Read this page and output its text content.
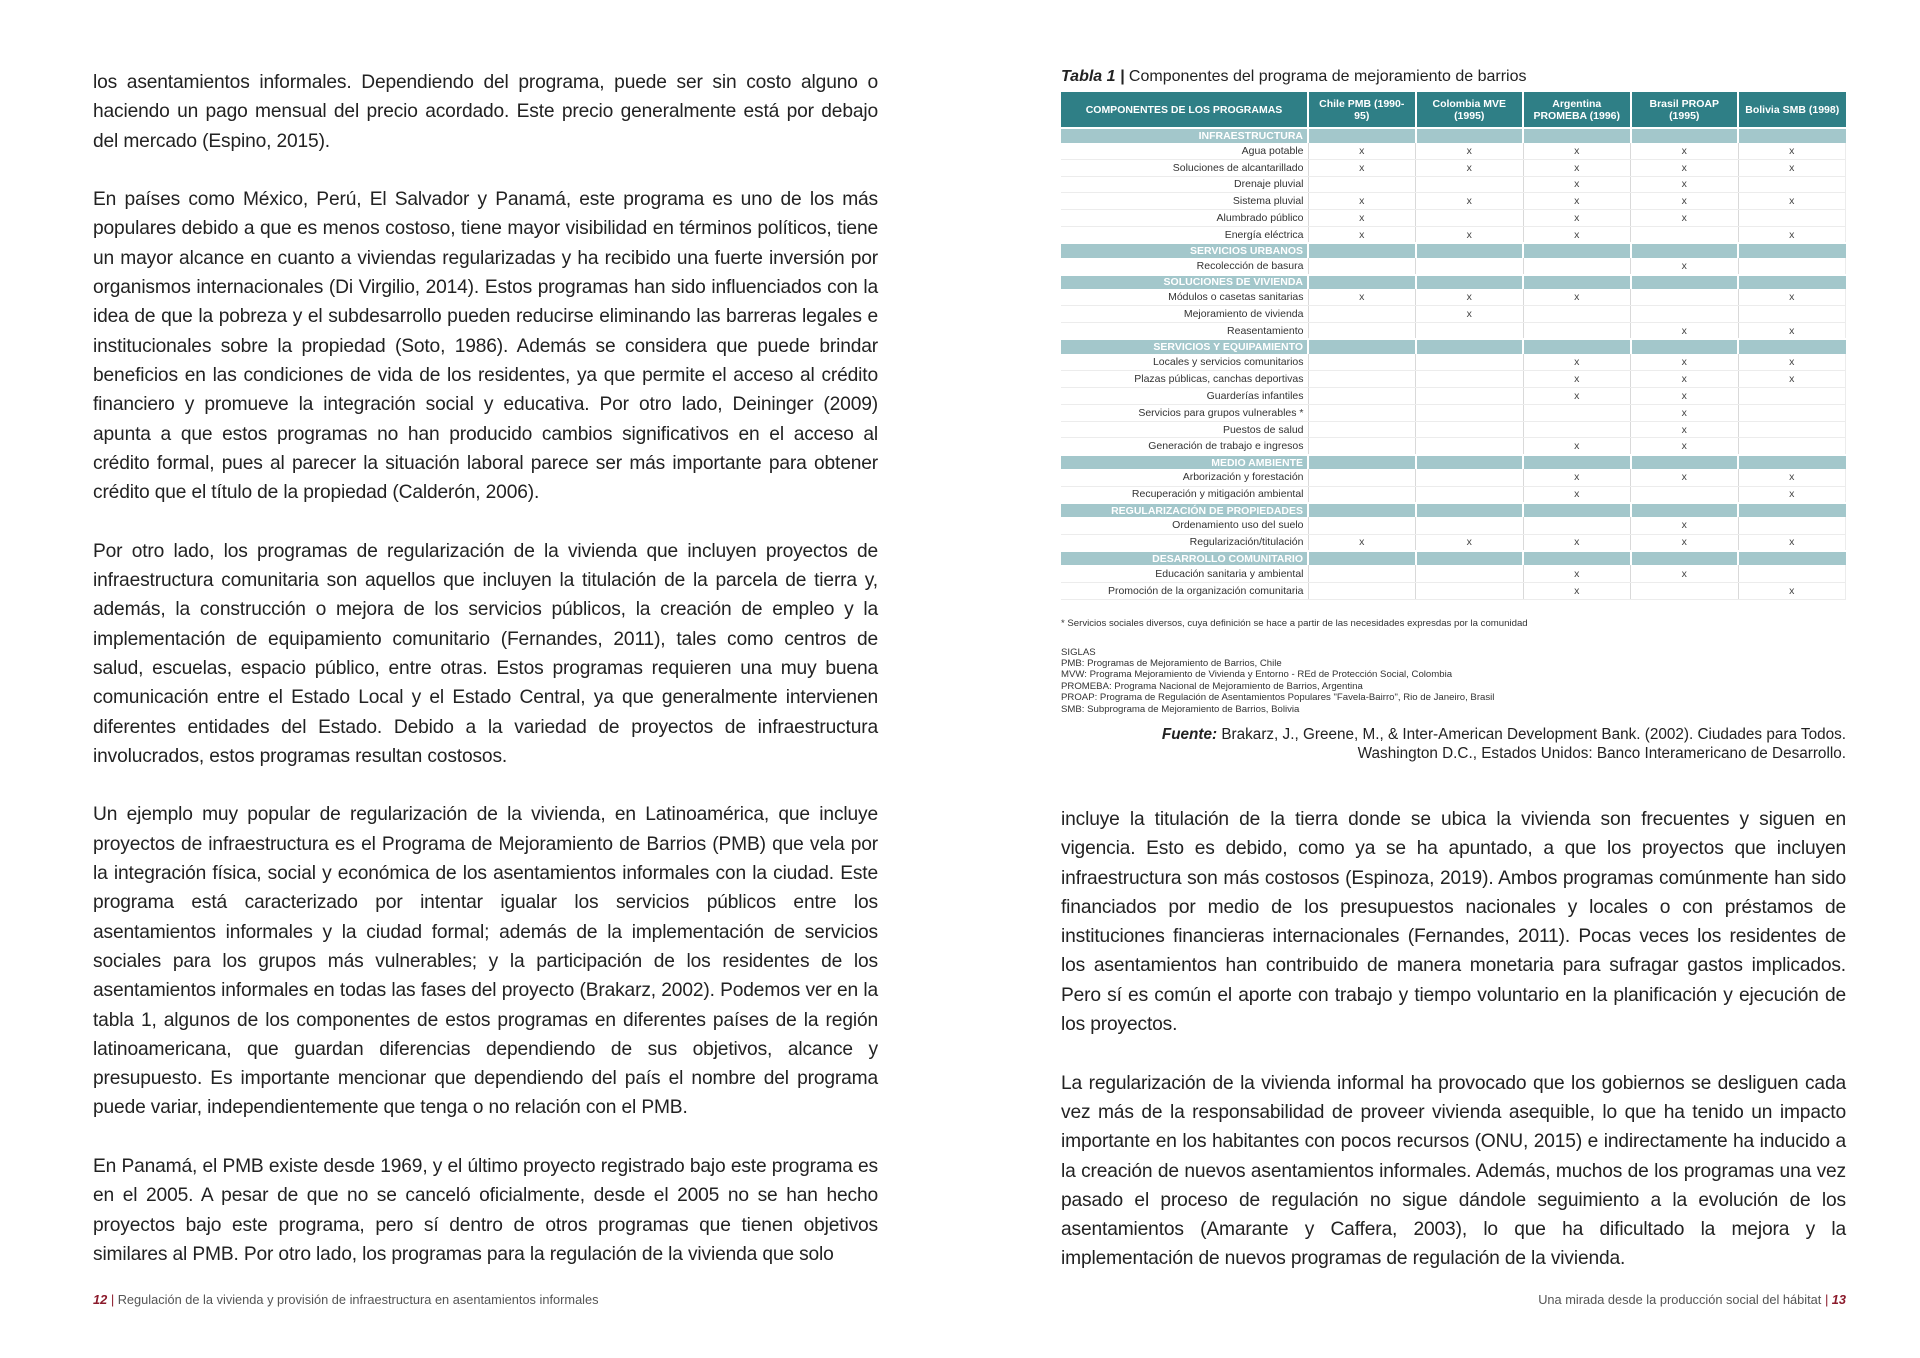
los asentamientos informales. Dependiendo del programa, puede ser sin costo alguno o haciendo un pago mensual del precio acordado. Este precio generalmente está por debajo del mercado (Espino, 2015).

En países como México, Perú, El Salvador y Panamá, este programa es uno de los más populares debido a que es menos costoso, tiene mayor visibilidad en términos políticos, tiene un mayor alcance en cuanto a viviendas regularizadas y ha recibido una fuerte inversión por organismos internacionales (Di Virgilio, 2014). Estos programas han sido influenciados con la idea de que la pobreza y el subdesarrollo pueden reducirse eliminando las barreras legales e institucionales sobre la propiedad (Soto, 1986). Además se considera que puede brindar beneficios en las condiciones de vida de los residentes, ya que permite el acceso al crédito financiero y promueve la integración social y educativa. Por otro lado, Deininger (2009) apunta a que estos programas no han producido cambios significativos en el acceso al crédito formal, pues al parecer la situación laboral parece ser más importante para obtener crédito que el título de la propiedad (Calderón, 2006).

Por otro lado, los programas de regularización de la vivienda que incluyen proyectos de infraestructura comunitaria son aquellos que incluyen la titulación de la parcela de tierra y, además, la construcción o mejora de los servicios públicos, la creación de empleo y la implementación de equipamiento comunitario (Fernandes, 2011), tales como centros de salud, escuelas, espacio público, entre otras. Estos programas requieren una muy buena comunicación entre el Estado Local y el Estado Central, ya que generalmente intervienen diferentes entidades del Estado. Debido a la variedad de proyectos de infraestructura involucrados, estos programas resultan costosos.

Un ejemplo muy popular de regularización de la vivienda, en Latinoamérica, que incluye proyectos de infraestructura es el Programa de Mejoramiento de Barrios (PMB) que vela por la integración física, social y económica de los asentamientos informales con la ciudad. Este programa está caracterizado por intentar igualar los servicios públicos entre los asentamientos informales y la ciudad formal; además de la implementación de servicios sociales para los grupos más vulnerables; y la participación de los residentes de los asentamientos informales en todas las fases del proyecto (Brakarz, 2002). Podemos ver en la tabla 1, algunos de los componentes de estos programas en diferentes países de la región latinoamericana, que guardan diferencias dependiendo de sus objetivos, alcance y presupuesto. Es importante mencionar que dependiendo del país el nombre del programa puede variar, independientemente que tenga o no relación con el PMB.

En Panamá, el PMB existe desde 1969, y el último proyecto registrado bajo este programa es en el 2005. A pesar de que no se canceló oficialmente, desde el 2005 no se han hecho proyectos bajo este programa, pero sí dentro de otros programas que tienen objetivos similares al PMB. Por otro lado, los programas para la regulación de la vivienda que solo

12 | Regulación de la vivienda y provisión de infraestructura en asentamientos informales
Tabla 1 | Componentes del programa de mejoramiento de barrios
COMPONENTES DE LOS PROGRAMAS	Chile PMB (1990-95)	Colombia MVE (1995)	Argentina PROMEBA (1996)	Brasil PROAP (1995)	Bolivia SMB (1998)
INFRAESTRUCTURA					
Agua potable	x	x	x	x	x
Soluciones de alcantarillado	x	x	x	x	x
Drenaje pluvial			x	x	
Sistema pluvial	x	x	x	x	x
Alumbrado público	x		x	x	
Energía eléctrica	x	x	x		x
SERVICIOS URBANOS					
Recolección de basura				x	
SOLUCIONES DE VIVIENDA					
Módulos o casetas sanitarias	x	x	x		x
Mejoramiento de vivienda		x			
Reasentamiento				x	x
SERVICIOS Y EQUIPAMIENTO					
Locales y servicios comunitarios			x	x	x
Plazas públicas, canchas deportivas			x	x	x
Guarderías infantiles			x	x	
Servicios para grupos vulnerables *				x	
Puestos de salud				x	
Generación de trabajo e ingresos			x	x	
MEDIO AMBIENTE					
Arborización y forestación			x	x	x
Recuperación y mitigación ambiental			x		x
REGULARIZACIÓN DE PROPIEDADES					
Ordenamiento uso del suelo				x	
Regularización/titulación	x	x	x	x	x
DESARROLLO COMUNITARIO					
Educación sanitaria y ambiental			x	x	
Promoción de la organización comunitaria			x		x
* Servicios sociales diversos, cuya definición se hace a partir de las necesidades expresdas por la comunidad
SIGLAS
PMB: Programas de Mejoramiento de Barrios, Chile
MVW: Programa Mejoramiento de Vivienda y Entorno - REd de Protección Social, Colombia
PROMEBA: Programa Nacional de Mejoramiento de Barrios, Argentina
PROAP: Programa de Regulación de Asentamientos Populares "Favela-Bairro", Rio de Janeiro, Brasil
SMB: Subprograma de Mejoramiento de Barrios, Bolivia
Fuente: Brakarz, J., Greene, M., & Inter-American Development Bank. (2002). Ciudades para Todos.
Washington D.C., Estados Unidos: Banco Interamericano de Desarrollo.

incluye la titulación de la tierra donde se ubica la vivienda son frecuentes y siguen en vigencia. Esto es debido, como ya se ha apuntado, a que los proyectos que incluyen infraestructura son más costosos (Espinoza, 2019). Ambos programas comúnmente han sido financiados por medio de los presupuestos nacionales y locales o con préstamos de instituciones financieras internacionales (Fernandes, 2011). Pocas veces los residentes de los asentamientos han contribuido de manera monetaria para sufragar gastos implicados. Pero sí es común el aporte con trabajo y tiempo voluntario en la planificación y ejecución de los proyectos.

La regularización de la vivienda informal ha provocado que los gobiernos se desliguen cada vez más de la responsabilidad de proveer vivienda asequible, lo que ha tenido un impacto importante en los habitantes con pocos recursos (ONU, 2015) e indirectamente ha inducido a la creación de nuevos asentamientos informales. Además, muchos de los programas una vez pasado el proceso de regulación no sigue dándole seguimiento a la evolución de los asentamientos (Amarante y Caffera, 2003), lo que ha dificultado la mejora y la implementación de nuevos programas de regulación de la vivienda.

Una mirada desde la producción social del hábitat | 13
